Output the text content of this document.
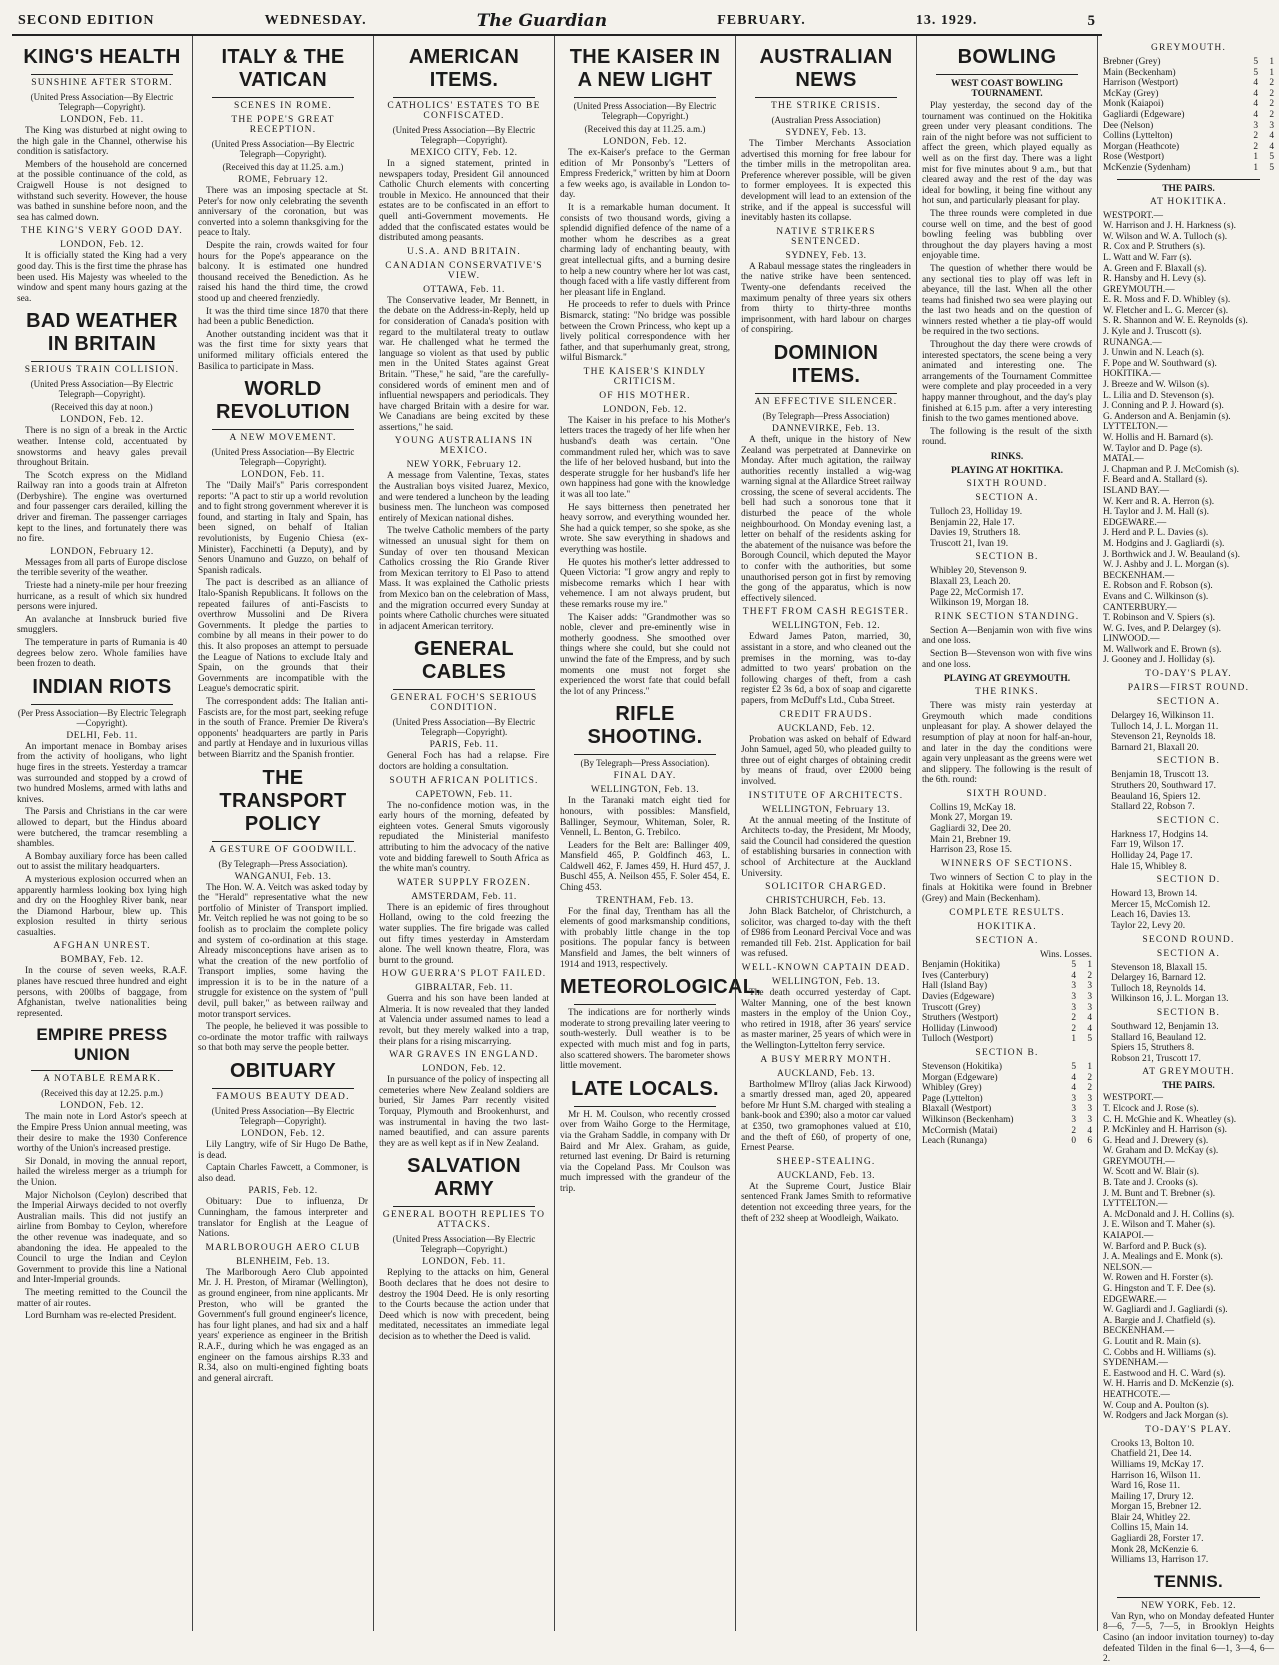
SECOND EDITION	WEDNESDAY.	The Guardian	FEBRUARY.	13. 1929.	5
KING'S HEALTH
SUNSHINE AFTER STORM.
(United Press Association—By Electric Telegraph—Copyright).
LONDON, Feb. 11.

The King was disturbed at night owing to the high gale in the Channel, otherwise his condition is satisfactory.

Members of the household are concerned at the possible continuance of the cold, as Craigwell House is not designed to withstand such severity. However, the house was bathed in sunshine before noon, and the sea has calmed down.

THE KING'S VERY GOOD DAY.
LONDON, Feb. 12.

It is officially stated the King had a very good day. This is the first time the phrase has been used. His Majesty was wheeled to the window and spent many hours gazing at the sea.

BAD WEATHER IN BRITAIN
SERIOUS TRAIN COLLISION.
(United Press Association—By Electric Telegraph—Copyright).
(Received this day at noon.)
LONDON, Feb. 12.

There is no sign of a break in the Arctic weather. Intense cold, accentuated by snowstorms and heavy gales prevail throughout Britain.

The Scotch express on the Midland Railway ran into a goods train at Alfreton (Derbyshire). The engine was overturned and four passenger cars derailed, killing the driver and fireman. The passenger carriages kept to the lines, and fortunately there was no fire.

LONDON, February 12.

Messages from all parts of Europe disclose the terrible severity of the weather.

Trieste had a ninety-mile per hour freezing hurricane, as a result of which six hundred persons were injured.

An avalanche at Innsbruck buried five smugglers.

The temperature in parts of Rumania is 40 degrees below zero. Whole families have been frozen to death.

INDIAN RIOTS
(Per Press Association—By Electric Telegraph—Copyright).
DELHI, Feb. 11.

An important menace in Bombay arises from the activity of hooligans, who light huge fires in the streets. Yesterday a tramcar was surrounded and stopped by a crowd of two hundred Moslems, armed with laths and knives.

The Parsis and Christians in the car were allowed to depart, but the Hindus aboard were butchered, the tramcar resembling a shambles.

A Bombay auxiliary force has been called out to assist the military headquarters.

A mysterious explosion occurred when an apparently harmless looking box lying high and dry on the Hooghley River bank, near the Diamond Harbour, blew up. This explosion resulted in thirty serious casualties.

AFGHAN UNREST.
BOMBAY, Feb. 12.

In the course of seven weeks, R.A.F. planes have rescued three hundred and eight persons, with 200lbs of baggage, from Afghanistan, twelve nationalities being represented.

EMPIRE PRESS UNION
A NOTABLE REMARK.
(Received this day at 12.25. p.m.)
LONDON, Feb. 12.

The main note in Lord Astor's speech at the Empire Press Union annual meeting, was their desire to make the 1930 Conference worthy of the Union's increased prestige.

Sir Donald, in moving the annual report, hailed the wireless merger as a triumph for the Union.

Major Nicholson (Ceylon) described that the Imperial Airways decided to not overfly Australian mails. This did not justify an airline from Bombay to Ceylon, wherefore the other revenue was inadequate, and so abandoning the idea. He appealed to the Council to urge the Indian and Ceylon Government to provide this line a National and Inter-Imperial grounds.

The meeting remitted to the Council the matter of air routes.

Lord Burnham was re-elected President.

ITALY & THE VATICAN
SCENES IN ROME.
THE POPE'S GREAT RECEPTION.
(United Press Association—By Electric Telegraph—Copyright).
(Received this day at 11.25. a.m.)
ROME, February 12.

There was an imposing spectacle at St. Peter's for now only celebrating the seventh anniversary of the coronation, but was converted into a solemn thanksgiving for the peace to Italy.

Despite the rain, crowds waited for four hours for the Pope's appearance on the balcony. It is estimated one hundred thousand received the Benediction. As he raised his hand the third time, the crowd stood up and cheered frenziedly.

It was the third time since 1870 that there had been a public Benediction.

Another outstanding incident was that it was the first time for sixty years that uniformed military officials entered the Basilica to participate in Mass.

WORLD REVOLUTION
A NEW MOVEMENT.
(United Press Association—By Electric Telegraph—Copyright).
LONDON, Feb. 11.

The "Daily Mail's" Paris correspondent reports: "A pact to stir up a world revolution and to fight strong government wherever it is found, and starting in Italy and Spain, has been signed, on behalf of Italian revolutionists, by Eugenio Chiesa (ex-Minister), Facchinetti (a Deputy), and by Senors Unamuno and Guzzo, on behalf of Spanish radicals.

The pact is described as an alliance of Italo-Spanish Republicans. It follows on the repeated failures of anti-Fascists to overthrow Mussolini and De Rivera Governments. It pledge the parties to combine by all means in their power to do this. It also proposes an attempt to persuade the League of Nations to exclude Italy and Spain, on the grounds that their Governments are incompatible with the League's democratic spirit.

The correspondent adds: The Italian anti-Fascists are, for the most part, seeking refuge in the south of France. Premier De Rivera's opponents' headquarters are partly in Paris and partly at Hendaye and in luxurious villas between Biarritz and the Spanish frontier.

THE TRANSPORT POLICY
A GESTURE OF GOODWILL.
(By Telegraph—Press Association).
WANGANUI, Feb. 13.

The Hon. W. A. Veitch was asked today by the "Herald" representative what the new portfolio of Minister of Transport implied. Mr. Veitch replied he was not going to be so foolish as to proclaim the complete policy and system of co-ordination at this stage. Already misconceptions have arisen as to what the creation of the new portfolio of Transport implies, some having the impression it is to be in the nature of a struggle for existence on the system of "pull devil, pull baker," as between railway and motor transport services.

The people, he believed it was possible to co-ordinate the motor traffic with railways so that both may serve the people better.

OBITUARY
FAMOUS BEAUTY DEAD.
(United Press Association—By Electric Telegraph—Copyright).
LONDON, Feb. 12.

Lily Langtry, wife of Sir Hugo De Bathe, is dead.

Captain Charles Fawcett, a Commoner, is also dead.

PARIS, Feb. 12.

Obituary: Due to influenza, Dr Cunningham, the famous interpreter and translator for English at the League of Nations.

MARLBOROUGH AERO CLUB
BLENHEIM, Feb. 13.

The Marlborough Aero Club appointed Mr. J. H. Preston, of Miramar (Wellington), as ground engineer, from nine applicants. Mr Preston, who will be granted the Government's full ground engineer's licence, has four light planes, and had six and a half years' experience as engineer in the British R.A.F., during which he was engaged as an engineer on the famous airships R.33 and R.34, also on multi-engined fighting boats and general aircraft.

AMERICAN ITEMS.
CATHOLICS' ESTATES TO BE CONFISCATED.
(United Press Association—By Electric Telegraph—Copyright).
MEXICO CITY, Feb. 12.

In a signed statement, printed in newspapers today, President Gil announced Catholic Church elements with concerting trouble in Mexico. He announced that their estates are to be confiscated in an effort to quell anti-Government movements. He added that the confiscated estates would be distributed among peasants.

U.S.A. AND BRITAIN.
CANADIAN CONSERVATIVE'S VIEW.
OTTAWA, Feb. 11.

The Conservative leader, Mr Bennett, in the debate on the Address-in-Reply, held up for consideration of Canada's position with regard to the multilateral treaty to outlaw war. He challenged what he termed the language so violent as that used by public men in the United States against Great Britain. "These," he said, "are the carefully-considered words of eminent men and of influential newspapers and periodicals. They have charged Britain with a desire for war. We Canadians are being excited by these assertions," he said.

YOUNG AUSTRALIANS IN MEXICO.
NEW YORK, February 12.

A message from Valentine, Texas, states the Australian boys visited Juarez, Mexico, and were tendered a luncheon by the leading business men. The luncheon was composed entirely of Mexican national dishes.

The twelve Catholic members of the party witnessed an unusual sight for them on Sunday of over ten thousand Mexican Catholics crossing the Rio Grande River from Mexican territory to El Paso to attend Mass. It was explained the Catholic priests from Mexico ban on the celebration of Mass, and the migration occurred every Sunday at points where Catholic churches were situated in adjacent American territory.

GENERAL CABLES
GENERAL FOCH'S SERIOUS CONDITION.
(United Press Association—By Electric Telegraph—Copyright).
PARIS, Feb. 11.

General Foch has had a relapse. Fire doctors are holding a consultation.

SOUTH AFRICAN POLITICS.
CAPETOWN, Feb. 11.

The no-confidence motion was, in the early hours of the morning, defeated by eighteen votes. General Smuts vigorously repudiated the Ministerial manifesto attributing to him the advocacy of the native vote and bidding farewell to South Africa as the white man's country.

WATER SUPPLY FROZEN.
AMSTERDAM, Feb. 11.

There is an epidemic of fires throughout Holland, owing to the cold freezing the water supplies. The fire brigade was called out fifty times yesterday in Amsterdam alone. The well known theatre, Flora, was burnt to the ground.

HOW GUERRA'S PLOT FAILED.
GIBRALTAR, Feb. 11.

Guerra and his son have been landed at Almeria. It is now revealed that they landed at Valencia under assumed names to lead a revolt, but they merely walked into a trap, their plans for a rising miscarrying.

WAR GRAVES IN ENGLAND.
LONDON, Feb. 12.

In pursuance of the policy of inspecting all cemeteries where New Zealand soldiers are buried, Sir James Parr recently visited Torquay, Plymouth and Brookenhurst, and was instrumental in having the two last-named beautified, and can assure parents they are as well kept as if in New Zealand.

SALVATION ARMY
GENERAL BOOTH REPLIES TO ATTACKS.
(United Press Association—By Electric Telegraph—Copyright.)
LONDON, Feb. 11.

Replying to the attacks on him, General Booth declares that he does not desire to destroy the 1904 Deed. He is only resorting to the Courts because the action under that Deed which is now with precedent, being meditated, necessitates an immediate legal decision as to whether the Deed is valid.

THE KAISER IN A NEW LIGHT
(United Press Association—By Electric Telegraph—Copyright.)
(Received this day at 11.25. a.m.)
LONDON, Feb. 12.

The ex-Kaiser's preface to the German edition of Mr Ponsonby's "Letters of Empress Frederick," written by him at Doorn a few weeks ago, is available in London to-day.

It is a remarkable human document. It consists of two thousand words, giving a splendid dignified defence of the name of a mother whom he describes as a great charming lady of enchanting beauty, with great intellectual gifts, and a burning desire to help a new country where her lot was cast, though faced with a life vastly different from her pleasant life in England.

He proceeds to refer to duels with Prince Bismarck, stating: "No bridge was possible between the Crown Princess, who kept up a lively political correspondence with her father, and that superhumanly great, strong, wilful Bismarck."

THE KAISER'S KINDLY CRITICISM.
OF HIS MOTHER.
LONDON, Feb. 12.

The Kaiser in his preface to his Mother's letters traces the tragedy of her life when her husband's death was certain. "One commandment ruled her, which was to save the life of her beloved husband, but into the desperate struggle for her husband's life her own happiness had gone with the knowledge it was all too late."

He says bitterness then penetrated her heavy sorrow, and everything wounded her. She had a quick temper, so she spoke, as she wrote. She saw everything in shadows and everything was hostile.

He quotes his mother's letter addressed to Queen Victoria: "I grow angry and reply to misbecome remarks which I hear with vehemence. I am not always prudent, but these remarks rouse my ire."

The Kaiser adds: "Grandmother was so noble, clever and pre-eminently wise in motherly goodness. She smoothed over things where she could, but she could not unwind the fate of the Empress, and by such moments one must not forget she experienced the worst fate that could befall the lot of any Princess."

RIFLE SHOOTING.
(By Telegraph—Press Association).
FINAL DAY.
WELLINGTON, Feb. 13.

In the Taranaki match eight tied for honours, with possibles: Mansfield, Ballinger, Seymour, Whiteman, Soler, R. Vennell, L. Benton, G. Trebilco.

Leaders for the Belt are: Ballinger 409, Mansfield 465, P. Goldfinch 463, L. Caldwell 462, F. James 459, H. Hurd 457, J. Buschl 455, A. Neilson 455, F. Soler 454, E. Ching 453.

TRENTHAM, Feb. 13.

For the final day, Trentham has all the elements of good marksmanship conditions, with probably little change in the top positions. The popular fancy is between Mansfield and James, the belt winners of 1914 and 1913, respectively.

METEOROLOGICAL.

The indications are for northerly winds moderate to strong prevailing later veering to south-westerly. Dull weather is to be expected with much mist and fog in parts, also scattered showers. The barometer shows little movement.

LATE LOCALS.

Mr H. M. Coulson, who recently crossed over from Waiho Gorge to the Hermitage, via the Graham Saddle, in company with Dr Baird and Mr Alex. Graham, as guide, returned last evening. Dr Baird is returning via the Copeland Pass. Mr Coulson was much impressed with the grandeur of the trip.

AUSTRALIAN NEWS
THE STRIKE CRISIS.
(Australian Press Association)
SYDNEY, Feb. 13.

The Timber Merchants Association advertised this morning for free labour for the timber mills in the metropolitan area. Preference wherever possible, will be given to former employees. It is expected this development will lead to an extension of the strike, and if the appeal is successful will inevitably hasten its collapse.

NATIVE STRIKERS SENTENCED.
SYDNEY, Feb. 13.

A Rabaul message states the ringleaders in the native strike have been sentenced. Twenty-one defendants received the maximum penalty of three years six others from thirty to thirty-three months imprisonment, with hard labour on charges of conspiring.

DOMINION ITEMS.
AN EFFECTIVE SILENCER.
(By Telegraph—Press Association)
DANNEVIRKE, Feb. 13.

A theft, unique in the history of New Zealand was perpetrated at Dannevirke on Monday. After much agitation, the railway authorities recently installed a wig-wag warning signal at the Allardice Street railway crossing, the scene of several accidents. The bell had such a sonorous tone that it disturbed the peace of the whole neighbourhood. On Monday evening last, a letter on behalf of the residents asking for the abatement of the nuisance was before the Borough Council, which deputed the Mayor to confer with the authorities, but some unauthorised person got in first by removing the gong of the apparatus, which is now effectively silenced.

THEFT FROM CASH REGISTER.
WELLINGTON, Feb. 12.

Edward James Paton, married, 30, assistant in a store, and who cleaned out the premises in the morning, was to-day admitted to two years' probation on the following charges of theft, from a cash register £2 3s 6d, a box of soap and cigarette papers, from McDuff's Ltd., Cuba Street.

CREDIT FRAUDS.
AUCKLAND, Feb. 12.

Probation was asked on behalf of Edward John Samuel, aged 50, who pleaded guilty to three out of eight charges of obtaining credit by means of fraud, over £2000 being involved.

INSTITUTE OF ARCHITECTS.
WELLINGTON, February 13.

At the annual meeting of the Institute of Architects to-day, the President, Mr Moody, said the Council had considered the question of establishing bursaries in connection with school of Architecture at the Auckland University.

SOLICITOR CHARGED.
CHRISTCHURCH, Feb. 13.

John Black Batchelor, of Christchurch, a solicitor, was charged to-day with the theft of £986 from Leonard Percival Voce and was remanded till Feb. 21st. Application for bail was refused.

WELL-KNOWN CAPTAIN DEAD.
WELLINGTON, Feb. 13.

The death occurred yesterday of Capt. Walter Manning, one of the best known masters in the employ of the Union Coy., who retired in 1918, after 36 years' service as master mariner, 25 years of which were in the Wellington-Lyttelton ferry service.

A BUSY MERRY MONTH.
AUCKLAND, Feb. 13.

Bartholmew M'Ilroy (alias Jack Kirwood) a smartly dressed man, aged 20, appeared before Mr Hunt S.M. charged with stealing a bank-book and £390; also a motor car valued at £350, two gramophones valued at £10, and the theft of £60, of property of one, Ernest Pearse.

SHEEP-STEALING.
AUCKLAND, Feb. 13.

At the Supreme Court, Justice Blair sentenced Frank James Smith to reformative detention not exceeding three years, for the theft of 232 sheep at Woodleigh, Waikato.

BOWLING
WEST COAST BOWLING TOURNAMENT.

Play yesterday, the second day of the tournament was continued on the Hokitika green under very pleasant conditions. The rain of the night before was not sufficient to affect the green, which played equally as well as on the first day. There was a light mist for five minutes about 9 a.m., but that cleared away and the rest of the day was ideal for bowling, it being fine without any hot sun, and particularly pleasant for play.

The three rounds were completed in due course well on time, and the best of good bowling feeling was bubbling over throughout the day players having a most enjoyable time.

The question of whether there would be any sectional ties to play off was left in abeyance, till the last. When all the other teams had finished two sea were playing out the last two heads and on the question of winners rested whether a tie play-off would be required in the two sections.

Throughout the day there were crowds of interested spectators, the scene being a very animated and interesting one. The arrangements of the Tournament Committee were complete and play proceeded in a very happy manner throughout, and the day's play finished at 6.15 p.m. after a very interesting finish to the two games mentioned above.

The following is the result of the sixth round.

RINKS.
PLAYING AT HOKITIKA.
SIXTH ROUND.
SECTION A.

Tulloch 23, Holliday 19.

Benjamin 22, Hale 17.

Davies 19, Struthers 18.

Truscott 21, Ivan 19.

SECTION B.

Whibley 20, Stevenson 9.

Blaxall 23, Leach 20.

Page 22, McCormish 17.

Wilkinson 19, Morgan 18.

RINK SECTION STANDING.

Section A—Benjamin won with five wins and one loss.

Section B—Stevenson won with five wins and one loss.

PLAYING AT GREYMOUTH.
THE RINKS.

There was misty rain yesterday at Greymouth which made conditions unpleasant for play. A shower delayed the resumption of play at noon for half-an-hour, and later in the day the conditions were again very unpleasant as the greens were wet and slippery. The following is the result of the 6th. round:

SIXTH ROUND.

Collins 19, McKay 18.

Monk 27, Morgan 19.

Gagliardi 32, Dee 20.

Main 21, Brebner 19.

Harrison 23, Rose 15.

WINNERS OF SECTIONS.

Two winners of Section C to play in the finals at Hokitika were found in Brebner (Grey) and Main (Beckenham).

COMPLETE RESULTS.
HOKITIKA.
SECTION A.

Wins. Losses.

Benjamin (Hokitika)	5	1
Ives (Canterbury)	4	2
Hall (Island Bay)	3	3
Davies (Edgeware)	3	3
Truscott (Grey)	3	3
Struthers (Westport)	2	4
Holliday (Linwood)	2	4
Tulloch (Westport)	1	5
SECTION B.
Stevenson (Hokitika)	5	1
Morgan (Edgeware)	4	2
Whibley (Grey)	4	2
Page (Lyttelton)	3	3
Blaxall (Westport)	3	3
Wilkinson (Beckenham)	3	3
McCormish (Matai)	2	4
Leach (Runanga)	0	6
GREYMOUTH.
Brebner (Grey)	5	1
Main (Beckenham)	5	1
Harrison (Westport)	4	2
McKay (Grey)	4	2
Monk (Kaiapoi)	4	2
Gagliardi (Edgeware)	4	2
Dee (Nelson)	3	3
Collins (Lyttelton)	2	4
Morgan (Heathcote)	2	4
Rose (Westport)	1	5
McKenzie (Sydenham)	1	5
THE PAIRS.
AT HOKITIKA.

WESTPORT.—

W. Harrison and J. H. Harkness (s).

W. Wilson and W. A. Tulloch (s).

R. Cox and P. Struthers (s).

L. Watt and W. Farr (s).

A. Green and F. Blaxall (s).

R. Hansby and H. Levy (s).

GREYMOUTH.—

E. R. Moss and F. D. Whibley (s).

W. Fletcher and L. G. Mercer (s).

S. R. Shannon and W. E. Reynolds (s).

J. Kyle and J. Truscott (s).

RUNANGA.—

J. Unwin and N. Leach (s).

F. Pope and W. Southward (s).

HOKITIKA.—

J. Breeze and W. Wilson (s).

L. Lilia and D. Stevenson (s).

J. Conning and P. J. Howard (s).

G. Anderson and A. Benjamin (s).

LYTTELTON.—

W. Hollis and H. Barnard (s).

W. Taylor and D. Page (s).

MATAI.—

J. Chapman and P. J. McComish (s).

F. Beard and A. Stallard (s).

ISLAND BAY.—

W. Kerr and R. A. Herron (s).

H. Taylor and J. M. Hall (s).

EDGEWARE.—

J. Herd and P. L. Davies (s).

M. Hodgins and J. Gagliardi (s).

J. Borthwick and J. W. Beauland (s).

W. J. Ashby and J. L. Morgan (s).

BECKENHAM.—

E. Robson and F. Robson (s).

Evans and C. Wilkinson (s).

CANTERBURY.—

T. Robinson and V. Spiers (s).

W. G. Ives, and P. Delargey (s).

LINWOOD.—

M. Wallwork and E. Brown (s).

J. Gooney and J. Holliday (s).

TO-DAY'S PLAY.
PAIRS—FIRST ROUND.
SECTION A.

Delargey 16, Wilkinson 11.

Tulloch 14, J. L. Morgan 11.

Stevenson 21, Reynolds 18.

Barnard 21, Blaxall 20.

SECTION B.

Benjamin 18, Truscott 13.

Struthers 20, Southward 17.

Beauland 16, Spiers 12.

Stallard 22, Robson 7.

SECTION C.

Harkness 17, Hodgins 14.

Farr 19, Wilson 17.

Holliday 24, Page 17.

Hale 15, Whibley 8.

SECTION D.

Howard 13, Brown 14.

Mercer 15, McComish 12.

Leach 16, Davies 13.

Taylor 22, Levy 20.

SECOND ROUND.
SECTION A.

Stevenson 18, Blaxall 15.

Delargey 16, Barnard 12.

Tulloch 18, Reynolds 14.

Wilkinson 16, J. L. Morgan 13.

SECTION B.

Southward 12, Benjamin 13.

Stallard 16, Beauland 12.

Spiers 15, Struthers 8.

Robson 21, Truscott 17.

AT GREYMOUTH.
THE PAIRS.

WESTPORT.—

T. Elcock and J. Rose (s).

C. H. McGhie and K. Wheatley (s).

P. McKinley and H. Harrison (s).

G. Head and J. Drewery (s).

W. Graham and D. McKay (s).

GREYMOUTH.—

W. Scott and W. Blair (s).

B. Tate and J. Crooks (s).

J. M. Bunt and T. Brebner (s).

LYTTELTON.—

A. McDonald and J. H. Collins (s).

J. E. Wilson and T. Maher (s).

KAIAPOI.—

W. Barford and P. Buck (s).

J. A. Mealings and E. Monk (s).

NELSON.—

W. Rowen and H. Forster (s).

G. Hingston and T. F. Dee (s).

EDGEWARE.—

W. Gagliardi and J. Gagliardi (s).

A. Bargie and J. Chatfield (s).

BECKENHAM.—

G. Loutit and R. Main (s).

C. Cobbs and H. Williams (s).

SYDENHAM.—

E. Eastwood and H. C. Ward (s).

W. H. Harris and D. McKenzie (s).

HEATHCOTE.—

W. Coup and A. Poulton (s).

W. Rodgers and Jack Morgan (s).

TO-DAY'S PLAY.

Crooks 13, Bolton 10.

Chatfield 21, Dee 14.

Williams 19, McKay 17.

Harrison 16, Wilson 11.

Ward 16, Rose 11.

Mailing 17, Drury 12.

Morgan 15, Brebner 12.

Blair 24, Whitley 22.

Collins 15, Main 14.

Gagliardi 28, Forster 17.

Monk 28, McKenzie 6.

Williams 13, Harrison 17.

TENNIS.
NEW YORK, Feb. 12.

Van Ryn, who on Monday defeated Hunter 8—6, 7—5, 7—5, in Brooklyn Heights Casino (an indoor invitation tourney) to-day defeated Tilden in the final 6—1, 3—4, 6—2.
